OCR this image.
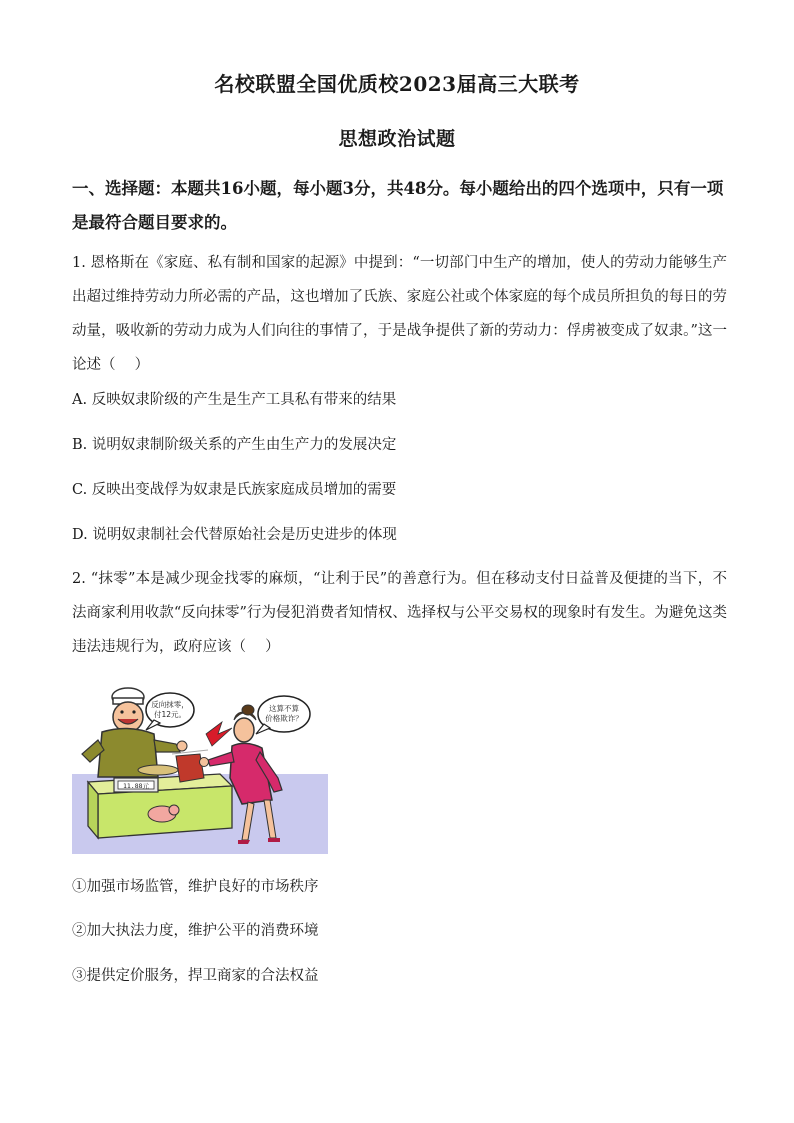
名校联盟全国优质校2023届高三大联考
思想政治试题
一、选择题：本题共16小题，每小题3分，共48分。每小题给出的四个选项中，只有一项是最符合题目要求的。
1. 恩格斯在《家庭、私有制和国家的起源》中提到：“一切部门中生产的增加，使人的劳动力能够生产出超过维持劳动力所必需的产品，这也增加了氏族、家庭公社或个体家庭的每个成员所担负的每日的劳动量，吸收新的劳动力成为人们向往的事情了，于是战争提供了新的劳动力：俘虏被变成了奴隶。”这一论述（　 ）
A. 反映奴隶阶级的产生是生产工具私有带来的结果
B. 说明奴隶制阶级关系的产生由生产力的发展决定
C. 反映出变战俘为奴隶是氏族家庭成员增加的需要
D. 说明奴隶制社会代替原始社会是历史进步的体现
2. “抹零”本是减少现金找零的麻烦，“让利于民”的善意行为。但在移动支付日益普及便捷的当下，不法商家利用收款“反向抹零”行为侵犯消费者知情权、选择权与公平交易权的现象时有发生。为避免这类违法违规行为，政府应该（　 ）
反向抹零，
付12元。
11.88元
这算不算
价格欺诈？
①加强市场监管，维护良好的市场秩序
②加大执法力度，维护公平的消费环境
③提供定价服务，捍卫商家的合法权益
